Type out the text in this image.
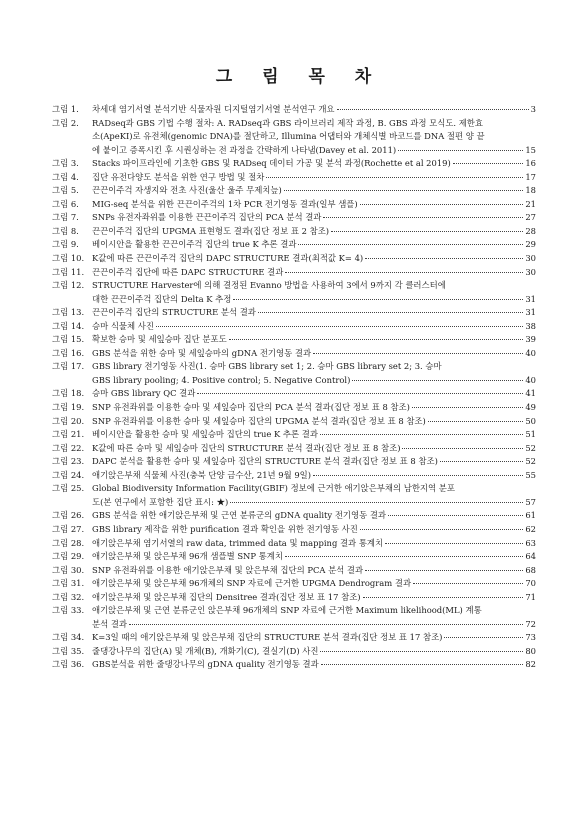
그 림 목 차
그림 1. 차세대 염기서열 분석기반 식물자원 디지털염기서열 분석연구 개요	3
그림 2. RADseq과 GBS 기법 수행 절차: A. RADseq과 GBS 라이브러리 제작 과정, B. GBS 과정 모식도. 제한효
소(ApeKI)로 유전체(genomic DNA)를 절단하고, Illumina 어댑터와 개체식별 바코드를 DNA 절편 양 끝
에 붙이고 증폭시킨 후 시퀀싱하는 전 과정을 간략하게 나타냄(Davey et al. 2011)	15
그림 3. Stacks 파이프라인에 기초한 GBS 및 RADseq 데이터 가공 및 분석 과정(Rochette et al 2019)	16
그림 4. 집단 유전다양도 분석을 위한 연구 방법 및 절차	17
그림 5. 끈끈이주걱 자생지와 전초 사진(울산 울주 무제치늪)	18
그림 6. MIG-seq 분석을 위한 끈끈이주걱의 1차 PCR 전기영동 결과(일부 샘플)	21
그림 7. SNPs 유전자좌위를 이용한 끈끈이주걱 집단의 PCA 분석 결과	27
그림 8. 끈끈이주걱 집단의 UPGMA 표현형도 결과(집단 정보 표 2 참조)	28
그림 9. 베이시안을 활용한 끈끈이주걱 집단의 true K 추론 결과	29
그림 10. K값에 따른 끈끈이주걱 집단의 DAPC STRUCTURE 결과(최적값 K= 4)	30
그림 11. 끈끈이주걱 집단에 따른 DAPC STRUCTURE 결과	30
그림 12. STRUCTURE Harvester에 의해 결정된 Evanno 방법을 사용하여 3에서 9까지 각 클러스터에
대한 끈끈이주걱 집단의 Delta K 추정	31
그림 13. 끈끈이주걱 집단의 STRUCTURE 분석 결과	31
그림 14. 승마 식물체 사진	38
그림 15. 확보한 승마 및 세잎승마 집단 분포도	39
그림 16. GBS 분석을 위한 승마 및 세잎승마의 gDNA 전기영동 결과	40
그림 17. GBS library 전기영동 사진(1. 승마 GBS library set 1; 2. 승마 GBS library set 2; 3. 승마
GBS library pooling; 4. Positive control; 5. Negative Control)	40
그림 18. 승마 GBS library QC 결과	41
그림 19. SNP 유전좌위를 이용한 승마 및 세잎승마 집단의 PCA 분석 결과(집단 정보 표 8 참조)	49
그림 20. SNP 유전좌위를 이용한 승마 및 세잎승마 집단의 UPGMA 분석 결과(집단 정보 표 8 참조)	50
그림 21. 베이시안을 활용한 승마 및 세잎승마 집단의 true K 추론 결과	51
그림 22. K값에 따른 승마 및 세잎승마 집단의 STRUCTURE 분석 결과(집단 정보 표 8 참조)	52
그림 23. DAPC 분석을 활용한 승마 및 세잎승마 집단의 STRUCTURE 분석 결과(집단 정보 표 8 참조)	52
그림 24. 애기앉은부채 식물체 사진(충북 단양 금수산, 21년 9월 9일)	55
그림 25. Global Biodiversity Information Facility(GBIF) 정보에 근거한 애기앉은부채의 남한지역 분포
도(본 연구에서 포함한 집단 표시: ★)	57
그림 26. GBS 분석을 위한 애기앉은부채 및 근연 분류군의 gDNA quality 전기영동 결과	61
그림 27. GBS library 제작을 위한 purification 결과 확인을 위한 전기영동 사진	62
그림 28. 애기앉은부채 염기서열의 raw data, trimmed data 및 mapping 결과 통계치	63
그림 29. 애기앉은부채 및 앉은부채 96개 샘플별 SNP 통계치	64
그림 30. SNP 유전좌위를 이용한 애기앉은부채 및 앉은부채 집단의 PCA 분석 결과	68
그림 31. 애기앉은부채 및 앉은부채 96개체의 SNP 자료에 근거한 UPGMA Dendrogram 결과	70
그림 32. 애기앉은부채 및 앉은부채 집단의 Densitree 결과(집단 정보 표 17 참조)	71
그림 33. 애기앉은부채 및 근연 분류군인 앉은부채 96개체의 SNP 자료에 근거한 Maximum likelihood(ML) 계통
분석 결과	72
그림 34. K=3일 때의 애기앉은부채 및 앉은부채 집단의 STRUCTURE 분석 결과(집단 정보 표 17 참조)	73
그림 35. 줄댕강나무의 집단(A) 및 개체(B), 개화기(C), 결실기(D) 사진	80
그림 36. GBS분석을 위한 줄댕강나무의 gDNA quality 전기영동 결과	82
